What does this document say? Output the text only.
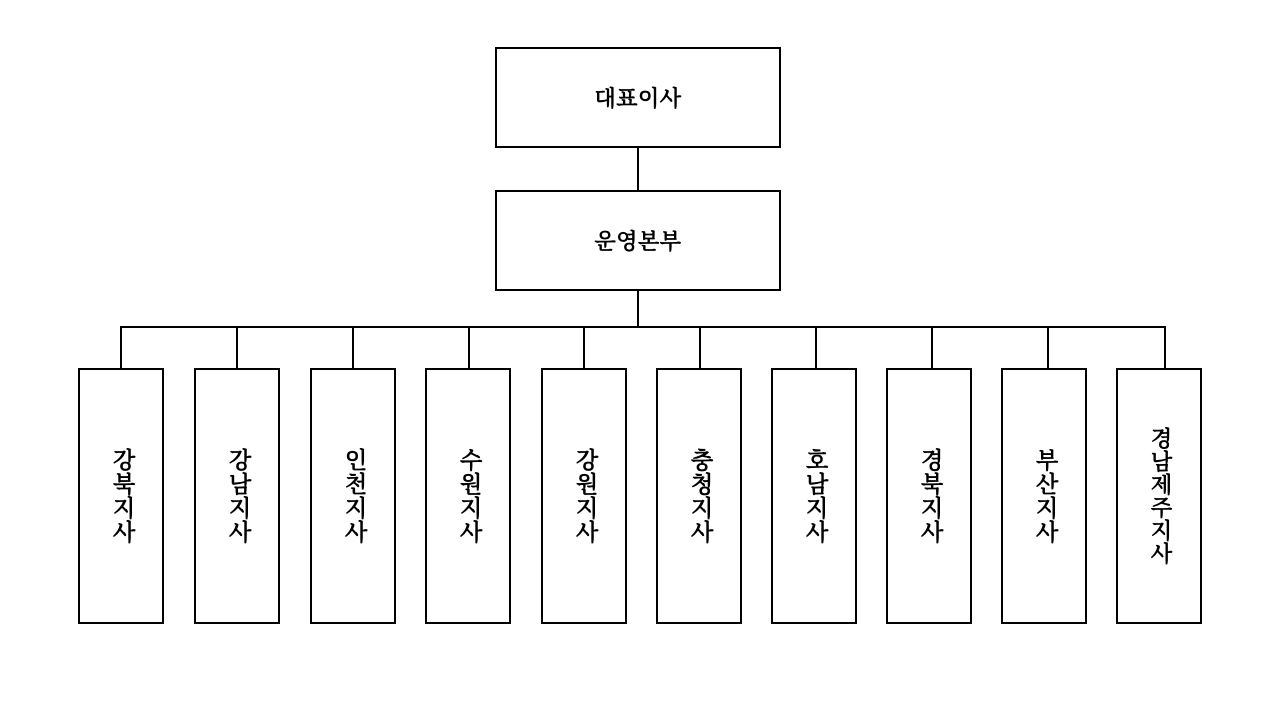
대표이사
운영본부
강북지사	강남지사	인천지사	수원지사	강원지사	충청지사	호남지사	경북지사	부산지사	경남제주지사
